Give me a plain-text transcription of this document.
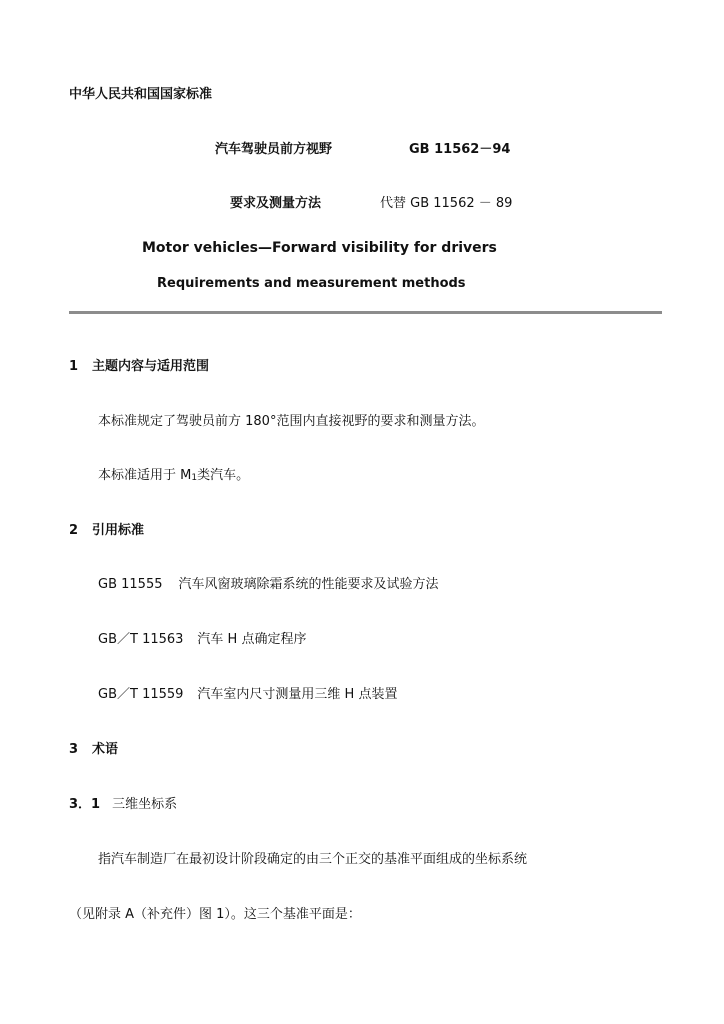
中华人民共和国国家标准
汽车驾驶员前方视野	GB 11562－94
要求及测量方法	代替 GB 11562 － 89
Motor vehicles—Forward visibility for drivers
Requirements and measurement methods
1 主题内容与适用范围
本标准规定了驾驶员前方 180°范围内直接视野的要求和测量方法。
本标准适用于 $M_1$类汽车。
2 引用标准
GB 11555 汽车风窗玻璃除霜系统的性能要求及试验方法
GB／T 11563 汽车 H 点确定程序
GB／T 11559 汽车室内尺寸测量用三维 H 点装置
3 术语
3．1 三维坐标系
指汽车制造厂在最初设计阶段确定的由三个正交的基准平面组成的坐标系统
（见附录 A（补充件）图 1）。这三个基准平面是：
